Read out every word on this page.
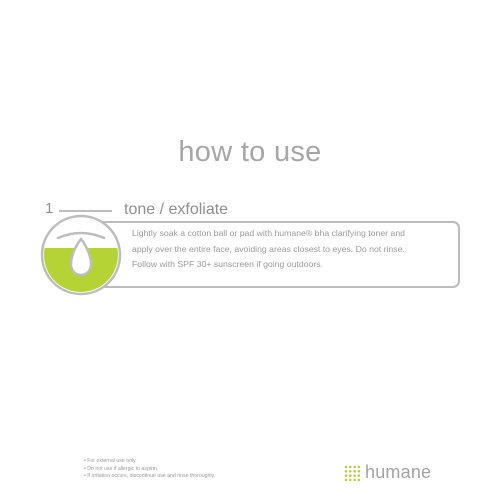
how to use
1	tone / exfoliate
Lightly soak a cotton ball or pad with humane® bha clarifying toner and
apply over the entire face, avoiding areas closest to eyes. Do not rinse.
Follow with SPF 30+ sunscreen if going outdoors.
• For external use only.
• Do not use if allergic to aspirin.
• If irritation occurs, discontinue use and rinse thoroughly.	humane
